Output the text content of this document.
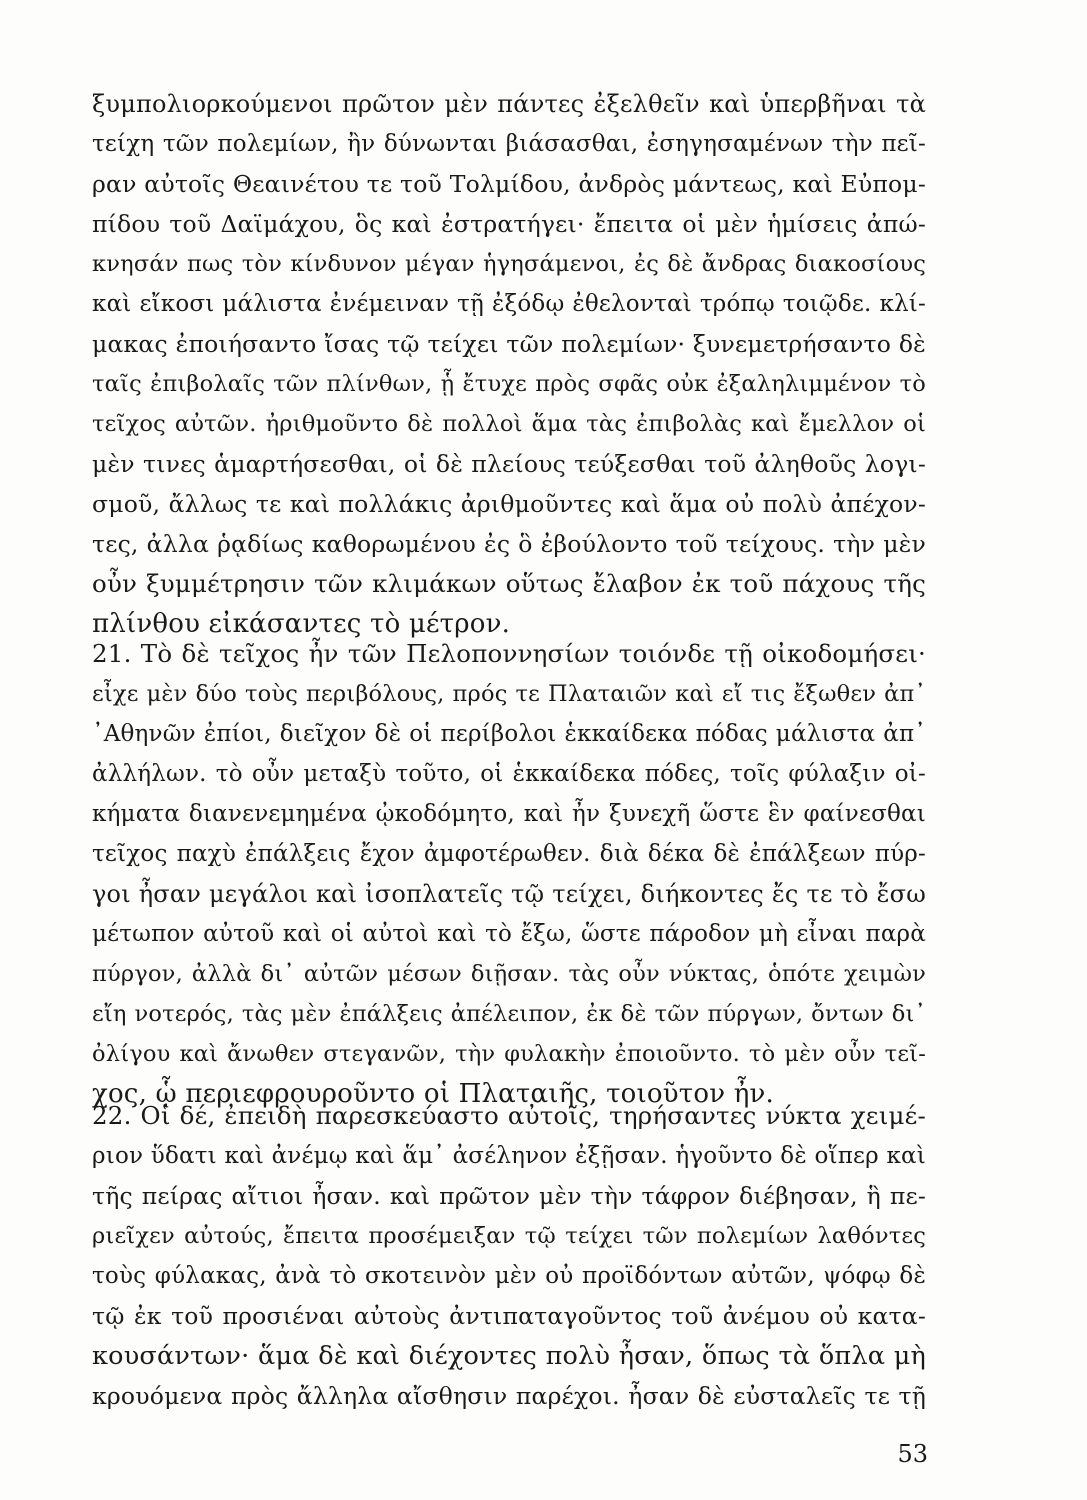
ξυμπολιορκούμενοι πρῶτον μὲν πάντες ἐξελθεῖν καὶ ὑπερβῆναι τὰ
τείχη τῶν πολεμίων, ἢν δύνωνται βιάσασθαι, ἐσηγησαμένων τὴν πεῖ-
ραν αὐτοῖς Θεαινέτου τε τοῦ Τολμίδου, ἀνδρὸς μάντεως, καὶ Εὐπομ-
πίδου τοῦ Δαϊμάχου, ὃς καὶ ἐστρατήγει· ἔπειτα οἱ μὲν ἡμίσεις ἀπώ-
κνησάν πως τὸν κίνδυνον μέγαν ἡγησάμενοι, ἐς δὲ ἄνδρας διακοσίους
καὶ εἴκοσι μάλιστα ἐνέμειναν τῇ ἐξόδῳ ἐθελονταὶ τρόπῳ τοιῷδε. κλί-
μακας ἐποιήσαντο ἴσας τῷ τείχει τῶν πολεμίων· ξυνεμετρήσαντο δὲ
ταῖς ἐπιβολαῖς τῶν πλίνθων, ᾗ ἔτυχε πρὸς σφᾶς οὐκ ἐξαληλιμμένον τὸ
τεῖχος αὐτῶν. ἠριθμοῦντο δὲ πολλοὶ ἅμα τὰς ἐπιβολὰς καὶ ἔμελλον οἱ
μὲν τινες ἁμαρτήσεσθαι, οἱ δὲ πλείους τεύξεσθαι τοῦ ἀληθοῦς λογι-
σμοῦ, ἄλλως τε καὶ πολλάκις ἀριθμοῦντες καὶ ἅμα οὐ πολὺ ἀπέχον-
τες, ἀλλα ῥᾳδίως καθορωμένου ἐς ὃ ἐβούλοντο τοῦ τείχους. τὴν μὲν
οὖν ξυμμέτρησιν τῶν κλιμάκων οὕτως ἔλαβον ἐκ τοῦ πάχους τῆς
πλίνθου εἰκάσαντες τὸ μέτρον.
21. Τὸ δὲ τεῖχος ἦν τῶν Πελοποννησίων τοιόνδε τῇ οἰκοδομήσει·
εἶχε μὲν δύο τοὺς περιβόλους, πρός τε Πλαταιῶν καὶ εἴ τις ἔξωθεν ἀπ᾽
᾽Αθηνῶν ἐπίοι, διεῖχον δὲ οἱ περίβολοι ἑκκαίδεκα πόδας μάλιστα ἀπ᾽
ἀλλήλων. τὸ οὖν μεταξὺ τοῦτο, οἱ ἑκκαίδεκα πόδες, τοῖς φύλαξιν οἰ-
κήματα διανενεμημένα ᾠκοδόμητο, καὶ ἦν ξυνεχῆ ὥστε ἓν φαίνεσθαι
τεῖχος παχὺ ἐπάλξεις ἔχον ἀμφοτέρωθεν. διὰ δέκα δὲ ἐπάλξεων πύρ-
γοι ἦσαν μεγάλοι καὶ ἰσοπλατεῖς τῷ τείχει, διήκοντες ἔς τε τὸ ἔσω
μέτωπον αὐτοῦ καὶ οἱ αὐτοὶ καὶ τὸ ἔξω, ὥστε πάροδον μὴ εἶναι παρὰ
πύργον, ἀλλὰ δι᾽ αὐτῶν μέσων διῇσαν. τὰς οὖν νύκτας, ὁπότε χειμὼν
εἴη νοτερός, τὰς μὲν ἐπάλξεις ἀπέλειπον, ἐκ δὲ τῶν πύργων, ὄντων δι᾽
ὀλίγου καὶ ἄνωθεν στεγανῶν, τὴν φυλακὴν ἐποιοῦντο. τὸ μὲν οὖν τεῖ-
χος, ᾧ περιεφρουροῦντο οἱ Πλαταιῆς, τοιοῦτον ἦν.
22. Οἱ δέ, ἐπειδὴ παρεσκεύαστο αὐτοῖς, τηρήσαντες νύκτα χειμέ-
ριον ὕδατι καὶ ἀνέμῳ καὶ ἅμ᾽ ἀσέληνον ἐξῇσαν. ἡγοῦντο δὲ οἵπερ καὶ
τῆς πείρας αἴτιοι ἦσαν. καὶ πρῶτον μὲν τὴν τάφρον διέβησαν, ἣ πε-
ριεῖχεν αὐτούς, ἔπειτα προσέμειξαν τῷ τείχει τῶν πολεμίων λαθόντες
τοὺς φύλακας, ἀνὰ τὸ σκοτεινὸν μὲν οὐ προϊδόντων αὐτῶν, ψόφῳ δὲ
τῷ ἐκ τοῦ προσιέναι αὐτοὺς ἀντιπαταγοῦντος τοῦ ἀνέμου οὐ κατα-
κουσάντων· ἅμα δὲ καὶ διέχοντες πολὺ ἦσαν, ὅπως τὰ ὅπλα μὴ
κρουόμενα πρὸς ἄλληλα αἴσθησιν παρέχοι. ἦσαν δὲ εὐσταλεῖς τε τῇ
53
